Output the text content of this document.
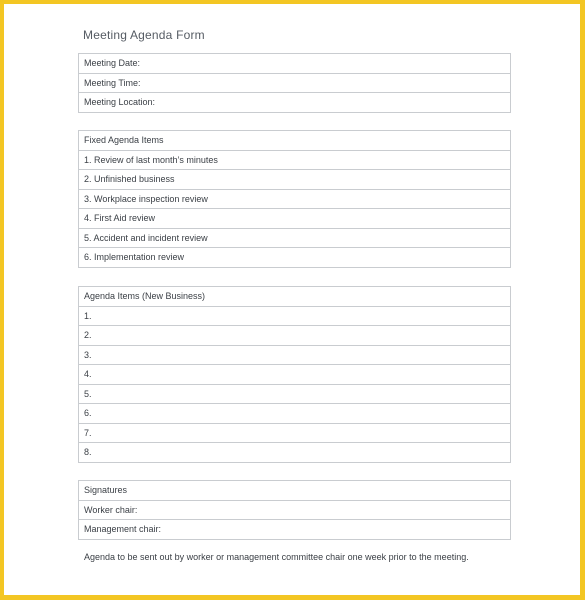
Meeting Agenda Form
Meeting Date:
Meeting Time:
Meeting Location:
Fixed Agenda Items
1. Review of last month’s minutes
2. Unfinished business
3. Workplace inspection review
4. First Aid review
5. Accident and incident review
6. Implementation review
Agenda Items (New Business)
1.
2.
3.
4.
5.
6.
7.
8.
Signatures
Worker chair:
Management chair:
Agenda to be sent out by worker or management committee chair one week prior to the meeting.
